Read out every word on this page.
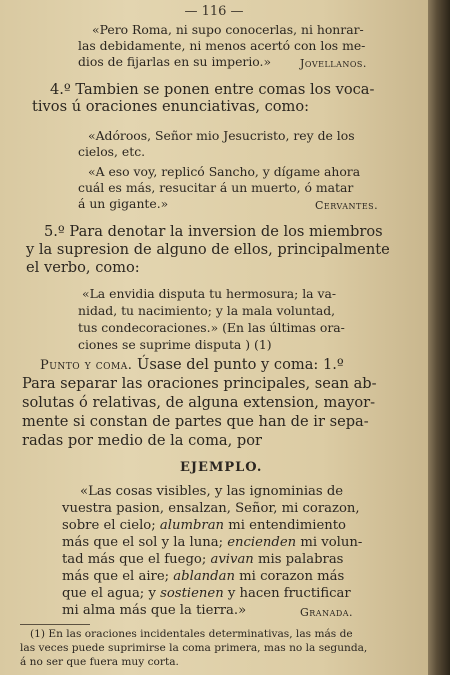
— 116 —
«Pero Roma, ni supo conocerlas, ni honrar-
las debidamente, ni menos acertó con los me-
dios de fijarlas en su imperio.»	Jovellanos.
4.º Tambien se ponen entre comas los voca-
tivos ú oraciones enunciativas, como:
«Adóroos, Señor mio Jesucristo, rey de los
cielos, etc.
«A eso voy, replicó Sancho, y dígame ahora
cuál es más, resucitar á un muerto, ó matar
á un gigante.»	Cervantes.
5.º Para denotar la inversion de los miembros
y la supresion de alguno de ellos, principalmente
el verbo, como:
«La envidia disputa tu hermosura; la va-
nidad, tu nacimiento; y la mala voluntad,
tus condecoraciones.» (En las últimas ora-
ciones se suprime disputa ) (1)
Punto y coma. Úsase del punto y coma: 1.º
Para separar las oraciones principales, sean ab-
solutas ó relativas, de alguna extension, mayor-
mente si constan de partes que han de ir sepa-
radas por medio de la coma, por
EJEMPLO.
«Las cosas visibles, y las ignominias de
vuestra pasion, ensalzan, Señor, mi corazon,
sobre el cielo; alumbran mi entendimiento
más que el sol y la luna; encienden mi volun-
tad más que el fuego; avivan mis palabras
más que el aire; ablandan mi corazon más
que el agua; y sostienen y hacen fructificar
mi alma más que la tierra.»	Granada.
(1) En las oraciones incidentales determinativas, las más de
las veces puede suprimirse la coma primera, mas no la segunda,
á no ser que fuera muy corta.
